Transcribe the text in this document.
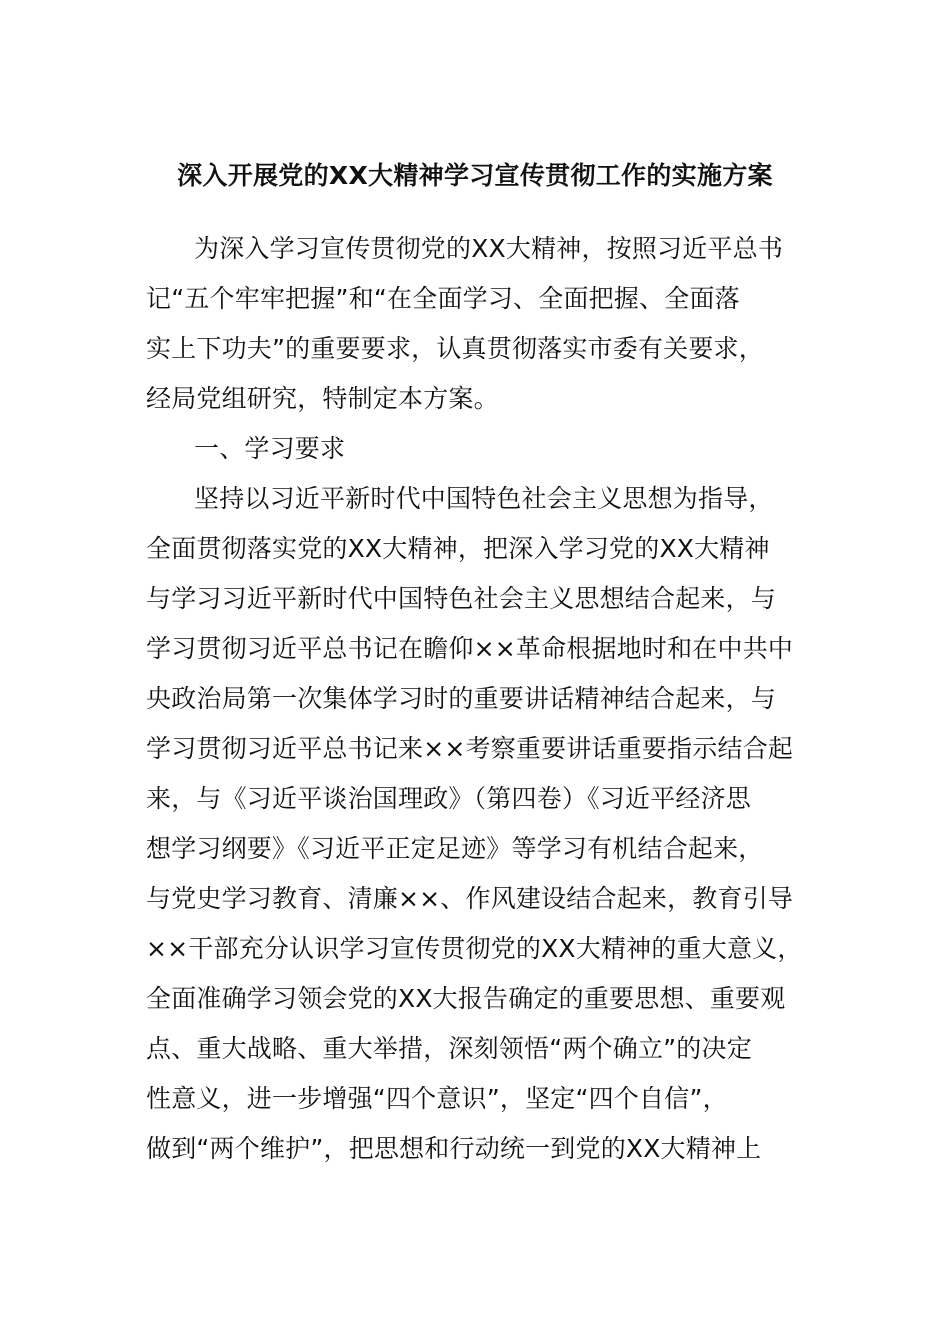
深入开展党的XX大精神学习宣传贯彻工作的实施方案
为深入学习宣传贯彻党的XX大精神，按照习近平总书
记“五个牢牢把握”和“在全面学习、全面把握、全面落
实上下功夫”的重要要求，认真贯彻落实市委有关要求，
经局党组研究，特制定本方案。
一、学习要求
坚持以习近平新时代中国特色社会主义思想为指导，
全面贯彻落实党的XX大精神，把深入学习党的XX大精神
与学习习近平新时代中国特色社会主义思想结合起来，与
学习贯彻习近平总书记在瞻仰××革命根据地时和在中共中
央政治局第一次集体学习时的重要讲话精神结合起来，与
学习贯彻习近平总书记来××考察重要讲话重要指示结合起
来，与《习近平谈治国理政》（第四卷）《习近平经济思
想学习纲要》《习近平正定足迹》等学习有机结合起来，
与党史学习教育、清廉××、作风建设结合起来，教育引导
××干部充分认识学习宣传贯彻党的XX大精神的重大意义，
全面准确学习领会党的XX大报告确定的重要思想、重要观
点、重大战略、重大举措，深刻领悟“两个确立”的决定
性意义，进一步增强“四个意识”，坚定“四个自信”，
做到“两个维护”，把思想和行动统一到党的XX大精神上
